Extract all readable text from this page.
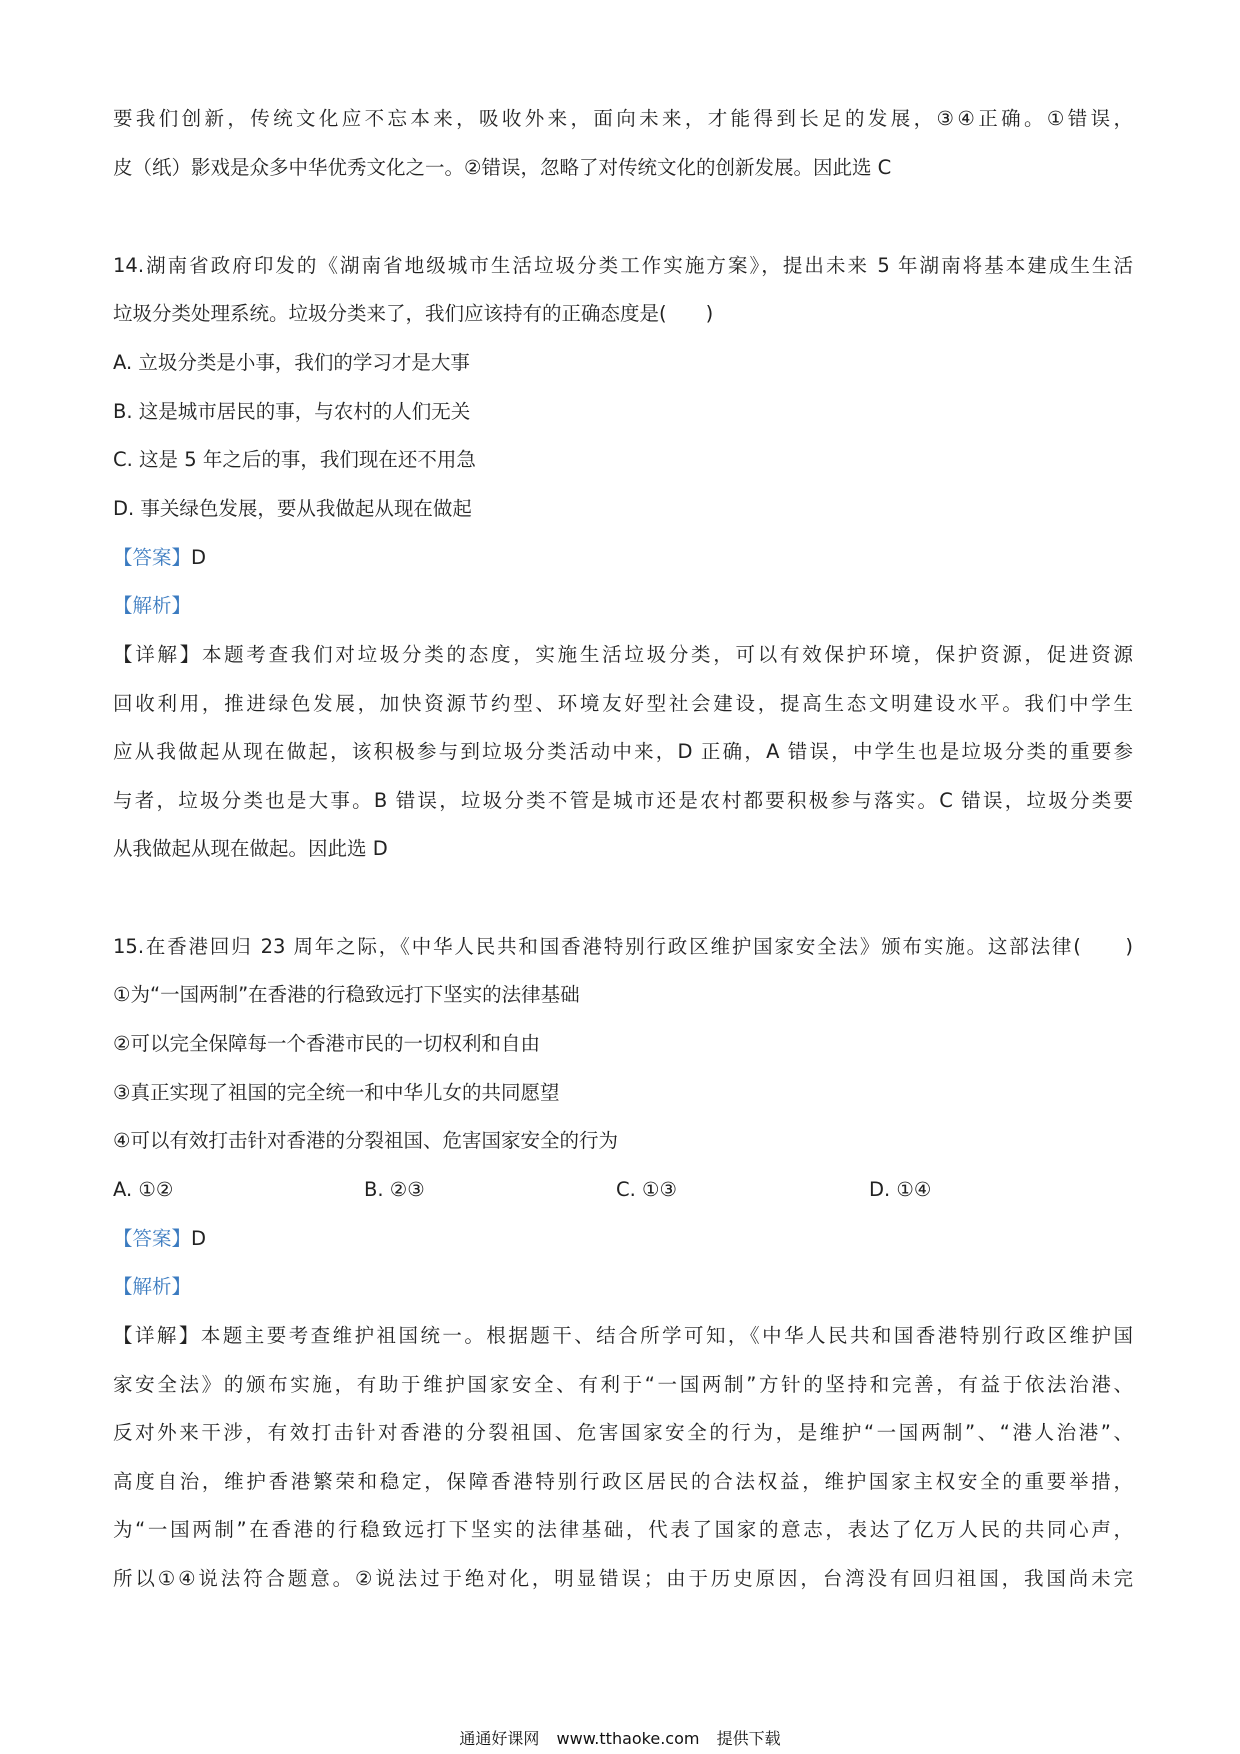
要我们创新，传统文化应不忘本来，吸收外来，面向未来，才能得到长足的发展，③④正确。①错误，
皮（纸）影戏是众多中华优秀文化之一。②错误，忽略了对传统文化的创新发展。因此选 C
14.湖南省政府印发的《湖南省地级城市生活垃圾分类工作实施方案》，提出未来 5 年湖南将基本建成生生活
垃圾分类处理系统。垃圾分类来了，我们应该持有的正确态度是(　　)
A. 立圾分类是小事，我们的学习才是大事
B. 这是城市居民的事，与农村的人们无关
C. 这是 5 年之后的事，我们现在还不用急
D. 事关绿色发展，要从我做起从现在做起
【答案】D
【解析】
【详解】本题考查我们对垃圾分类的态度，实施生活垃圾分类，可以有效保护环境，保护资源，促进资源
回收利用，推进绿色发展，加快资源节约型、环境友好型社会建设，提高生态文明建设水平。我们中学生
应从我做起从现在做起，该积极参与到垃圾分类活动中来，D 正确，A 错误，中学生也是垃圾分类的重要参
与者，垃圾分类也是大事。B 错误，垃圾分类不管是城市还是农村都要积极参与落实。C 错误，垃圾分类要
从我做起从现在做起。因此选 D
15.在香港回归 23 周年之际，《中华人民共和国香港特别行政区维护国家安全法》颁布实施。这部法律(　　)
①为“一国两制”在香港的行稳致远打下坚实的法律基础
②可以完全保障每一个香港市民的一切权利和自由
③真正实现了祖国的完全统一和中华儿女的共同愿望
④可以有效打击针对香港的分裂祖国、危害国家安全的行为
A. ①②	B. ②③	C. ①③	D. ①④
【答案】D
【解析】
【详解】本题主要考查维护祖国统一。根据题干、结合所学可知，《中华人民共和国香港特别行政区维护国
家安全法》的颁布实施，有助于维护国家安全、有利于“一国两制”方针的坚持和完善，有益于依法治港、
反对外来干涉，有效打击针对香港的分裂祖国、危害国家安全的行为，是维护“一国两制”、“港人治港”、
高度自治，维护香港繁荣和稳定，保障香港特别行政区居民的合法权益，维护国家主权安全的重要举措，
为“一国两制”在香港的行稳致远打下坚实的法律基础，代表了国家的意志，表达了亿万人民的共同心声，
所以①④说法符合题意。②说法过于绝对化，明显错误；由于历史原因，台湾没有回归祖国，我国尚未完
通通好课网 www.tthaoke.com 提供下载
